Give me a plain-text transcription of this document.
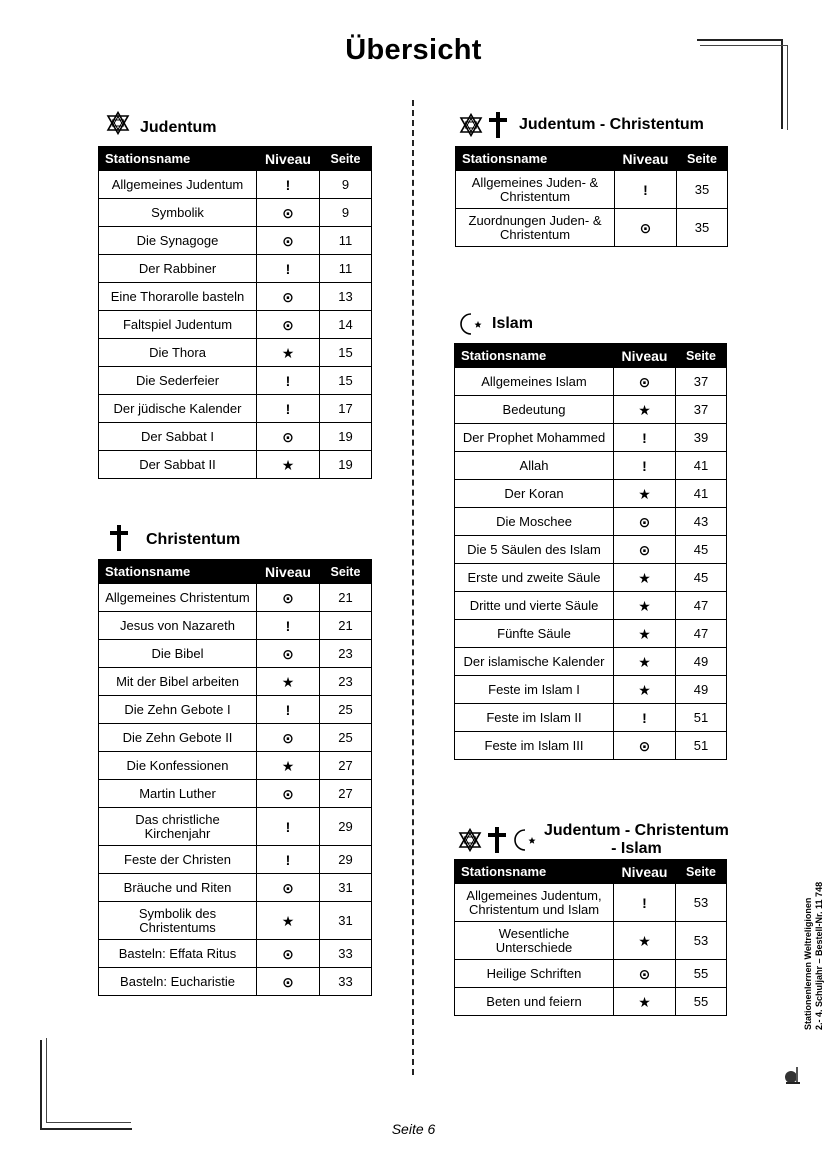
Übersicht
Judentum
Stationsname	Niveau	Seite
Allgemeines Judentum	!	9
Symbolik	⊙	9
Die Synagoge	⊙	11
Der Rabbiner	!	11
Eine Thorarolle basteln	⊙	13
Faltspiel Judentum	⊙	14
Die Thora	★	15
Die Sederfeier	!	15
Der jüdische Kalender	!	17
Der Sabbat I	⊙	19
Der Sabbat II	★	19
Christentum
Stationsname	Niveau	Seite
Allgemeines Christentum	⊙	21
Jesus von Nazareth	!	21
Die Bibel	⊙	23
Mit der Bibel arbeiten	★	23
Die Zehn Gebote I	!	25
Die Zehn Gebote II	⊙	25
Die Konfessionen	★	27
Martin Luther	⊙	27
Das christliche Kirchenjahr	!	29
Feste der Christen	!	29
Bräuche und Riten	⊙	31
Symbolik des Christentums	★	31
Basteln: Effata Ritus	⊙	33
Basteln: Eucharistie	⊙	33
Judentum - Christentum
Stationsname	Niveau	Seite
Allgemeines Juden- & Christentum	!	35
Zuordnungen Juden- & Christentum	⊙	35
Islam
Stationsname	Niveau	Seite
Allgemeines Islam	⊙	37
Bedeutung	★	37
Der Prophet Mohammed	!	39
Allah	!	41
Der Koran	★	41
Die Moschee	⊙	43
Die 5 Säulen des Islam	⊙	45
Erste und zweite Säule	★	45
Dritte und vierte Säule	★	47
Fünfte Säule	★	47
Der islamische Kalender	★	49
Feste im Islam I	★	49
Feste im Islam II	!	51
Feste im Islam III	⊙	51
Judentum - Christentum
- Islam
Stationsname	Niveau	Seite
Allgemeines Judentum, Christentum und Islam	!	53
Wesentliche Unterschiede	★	53
Heilige Schriften	⊙	55
Beten und feiern	★	55	Stationenlernen Weltreligionen 2.- 4. Schuljahr – Bestell-Nr. 11 748
Seite 6
